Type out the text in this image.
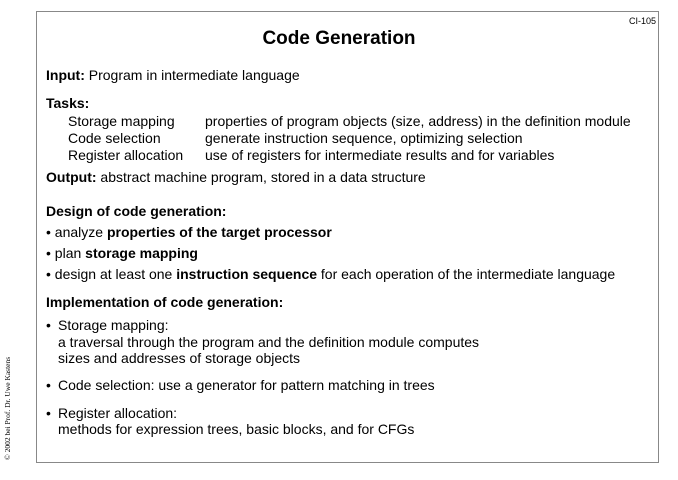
CI-105
Code Generation
© 2002 bei Prof. Dr. Uwe Kastens
Input: Program in intermediate language
Tasks:
Storage mapping properties of program objects (size, address) in the definition module
Code selection	generate instruction sequence, optimizing selection
Register allocation use of registers for intermediate results and for variables
Output: abstract machine program, stored in a data structure
Design of code generation:
• analyze properties of the target processor
• plan storage mapping
• design at least one instruction sequence for each operation of the intermediate language
Implementation of code generation:
• Storage mapping:
a traversal through the program and the definition module computes
sizes and addresses of storage objects
• Code selection: use a generator for pattern matching in trees
• Register allocation:
methods for expression trees, basic blocks, and for CFGs
